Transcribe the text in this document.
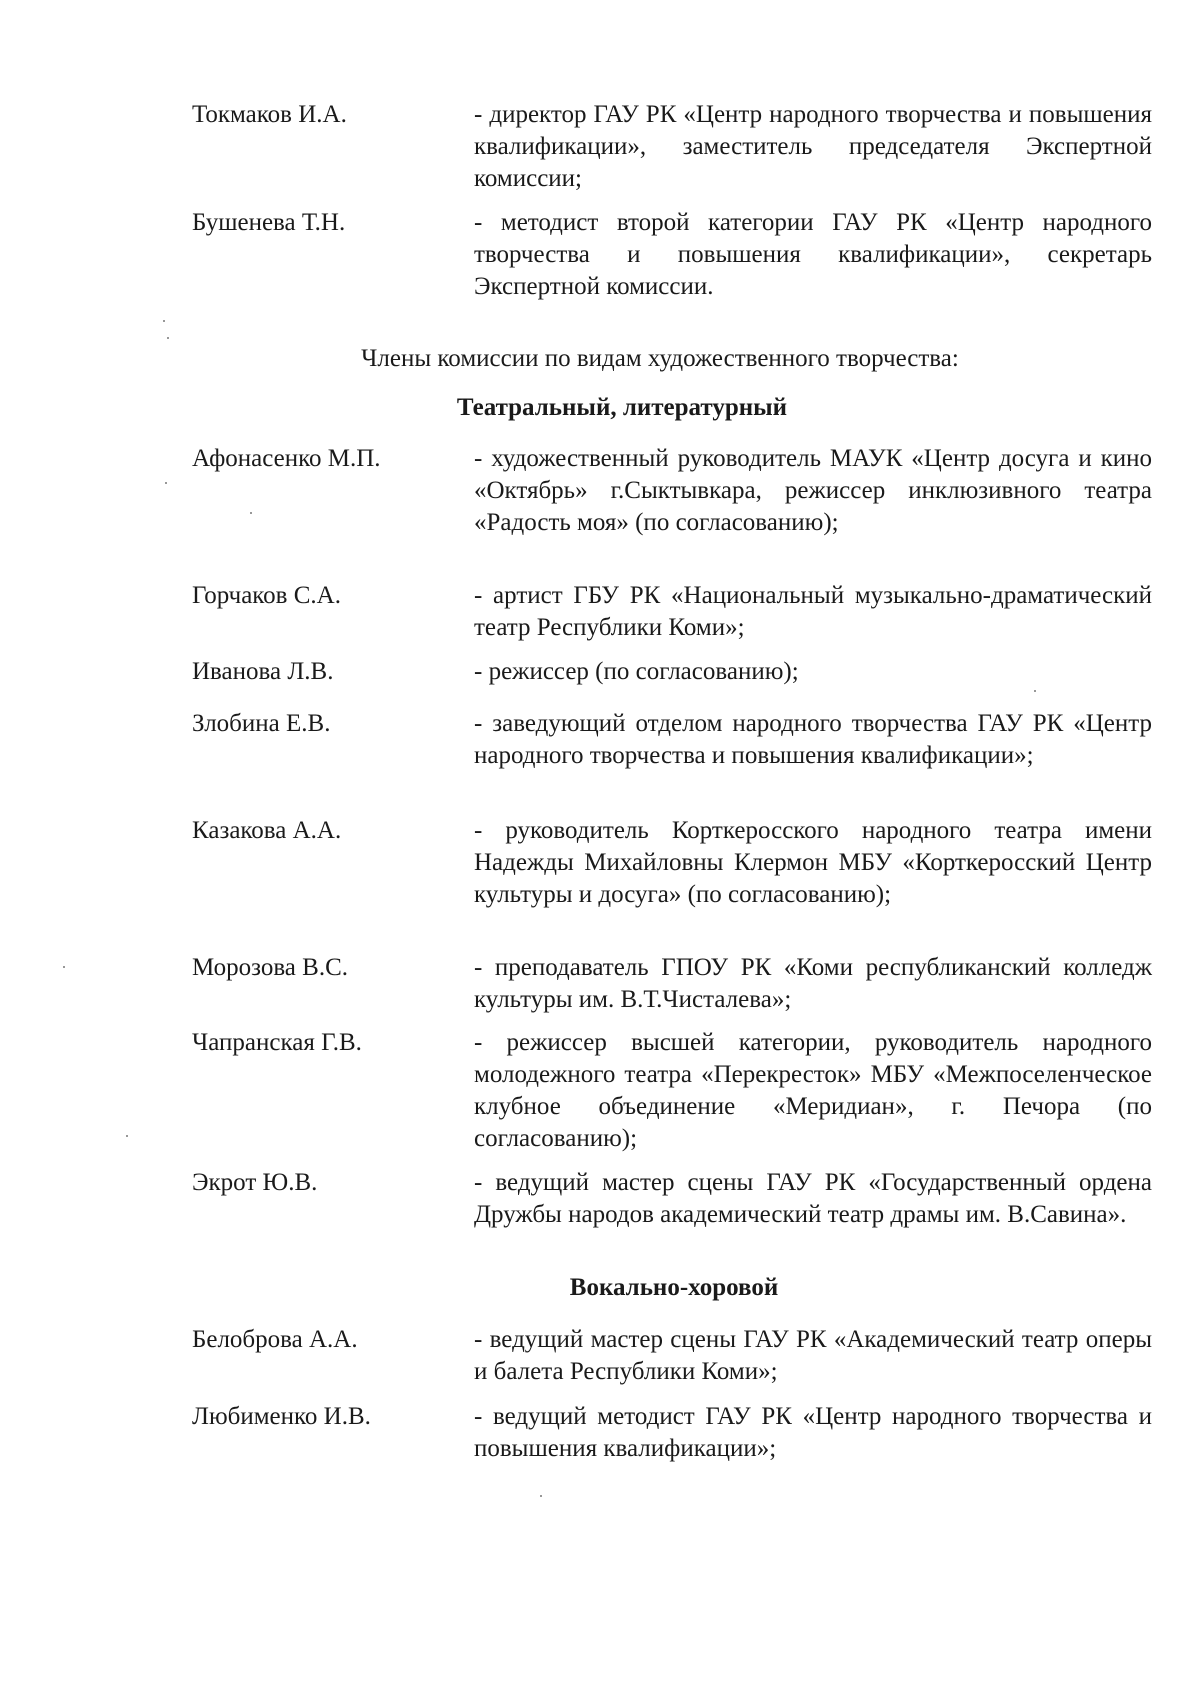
Токмаков И.А.	- директор ГАУ РК «Центр народного творчества и повышения квалификации», заместитель председателя Экспертной комиссии;
Бушенева Т.Н.	- методист второй категории ГАУ РК «Центр народного творчества и повышения квалификации», секретарь Экспертной комиссии.
Члены комиссии по видам художественного творчества:
Театральный, литературный
Афонасенко М.П.	- художественный руководитель МАУК «Центр досуга и кино «Октябрь» г.Сыктывкара, режиссер инклюзивного театра «Радость моя» (по согласованию);
Горчаков С.А.	- артист ГБУ РК «Национальный музыкально-драматический театр Республики Коми»;
Иванова Л.В.	- режиссер (по согласованию);
Злобина Е.В.	- заведующий отделом народного творчества ГАУ РК «Центр народного творчества и повышения квалификации»;
Казакова А.А.	- руководитель Корткеросского народного театра имени Надежды Михайловны Клермон МБУ «Корткеросский Центр культуры и досуга» (по согласованию);
Морозова В.С.	- преподаватель ГПОУ РК «Коми республиканский колледж культуры им. В.Т.Чисталева»;
Чапранская Г.В.	- режиссер высшей категории, руководитель народного молодежного театра «Перекресток» МБУ «Межпоселенческое клубное объединение «Меридиан», г. Печора (по согласованию);
Экрот Ю.В.	- ведущий мастер сцены ГАУ РК «Государственный ордена Дружбы народов академический театр драмы им. В.Савина».
Вокально-хоровой
Белоброва А.А.	- ведущий мастер сцены ГАУ РК «Академический театр оперы и балета Республики Коми»;
Любименко И.В.	- ведущий методист ГАУ РК «Центр народного творчества и повышения квалификации»;
